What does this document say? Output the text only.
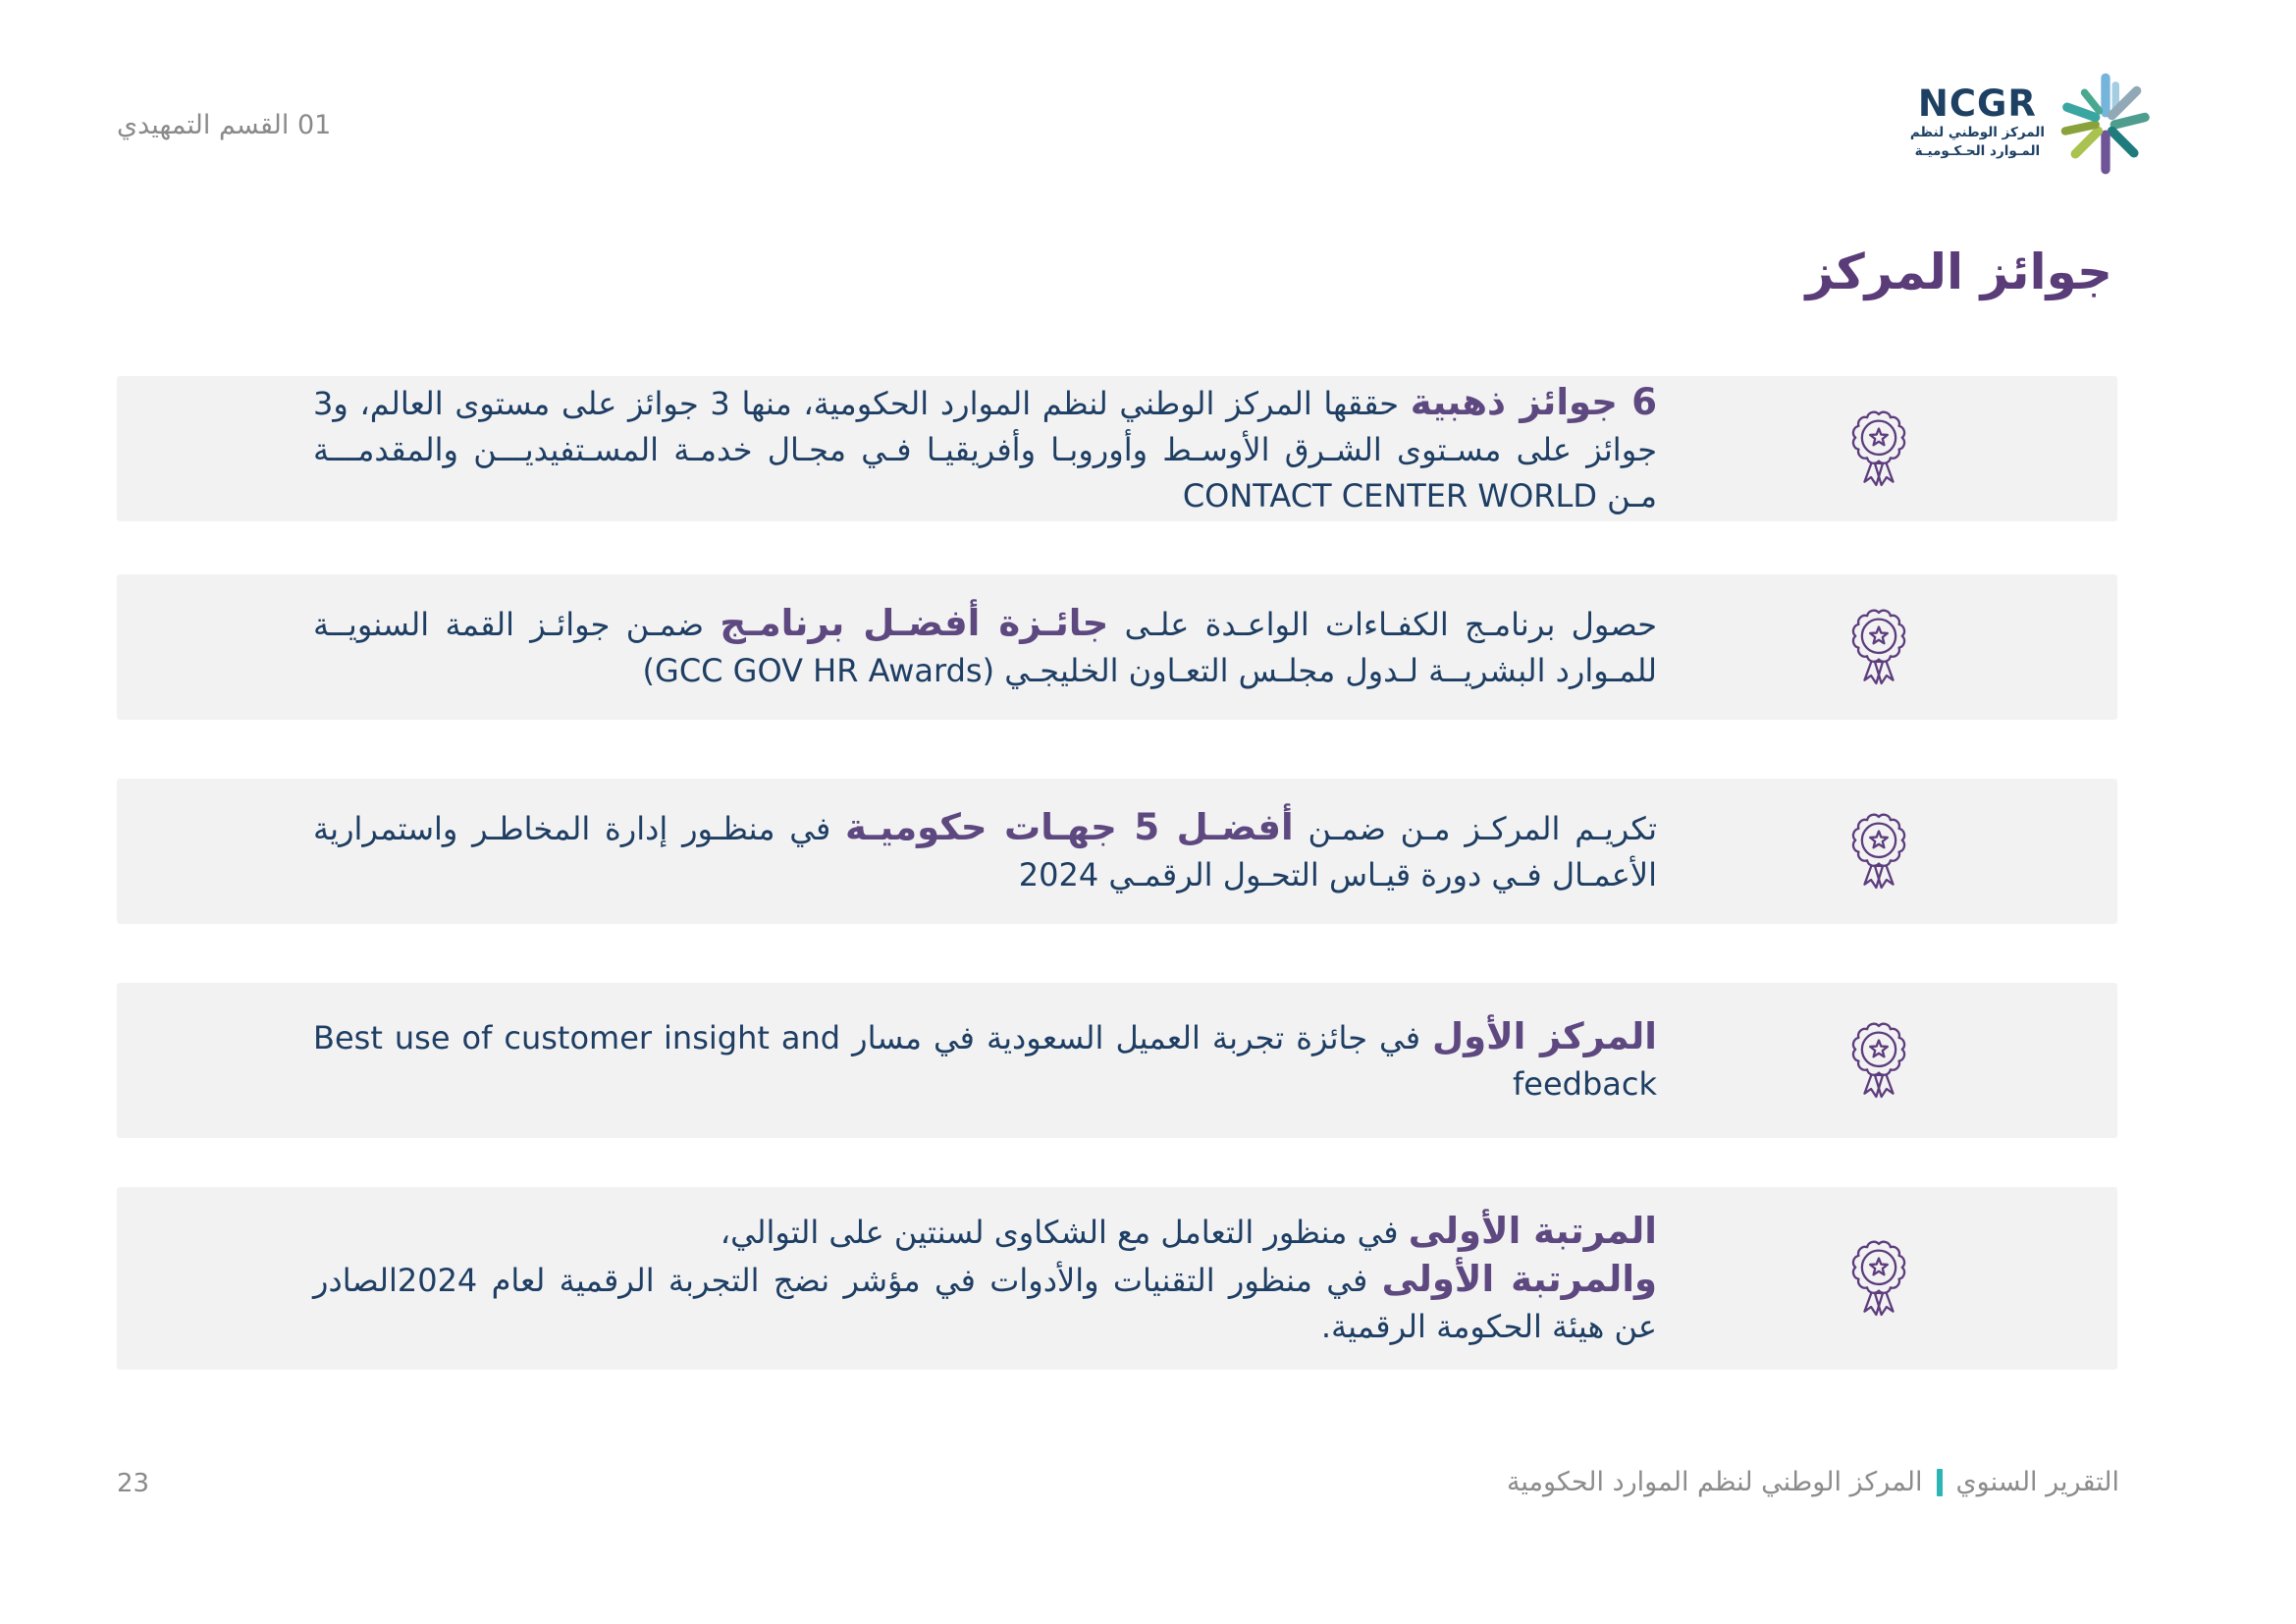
01 القسم التمهيدي
NCGR
المركز الوطني لنظم
المـوارد الحـكـوميـة
جوائز المركز

6 جوائز ذهبية حققها المركز الوطني لنظم الموارد الحكومية، منها 3 جوائز على مستوى العالم، و3 جوائز على مسـتوى الشـرق الأوسـط وأوروبـا وأفريقيـا فـي مجـال خدمـة المسـتفيديـــن والمقدمـــة مـن CONTACT CENTER WORLD

حصول برنامـج الكفـاءات الواعـدة علـى جائـزة أفضـل برنامـج ضمـن جوائـز القمة السنويــة للمـوارد البشريــة لـدول مجلـس التعـاون الخليجـي (GCC GOV HR Awards)

تكريـم المركـز مـن ضمـن أفضـل 5 جهـات حكوميـة في منظـور إدارة المخاطـر واستمرارية الأعمـال فـي دورة قيـاس التحـول الرقمـي 2024

المركز الأول في جائزة تجربة العميل السعودية في مسار Best use of customer insight and feedback

المرتبة الأولى في منظور التعامل مع الشكاوى لسنتين على التوالي،
والمرتبة الأولى في منظور التقنيات والأدوات في مؤشر نضج التجربة الرقمية لعام 2024الصادر عن هيئة الحكومة الرقمية.

التقرير السنوي
المركز الوطني لنظم الموارد الحكومية
23
